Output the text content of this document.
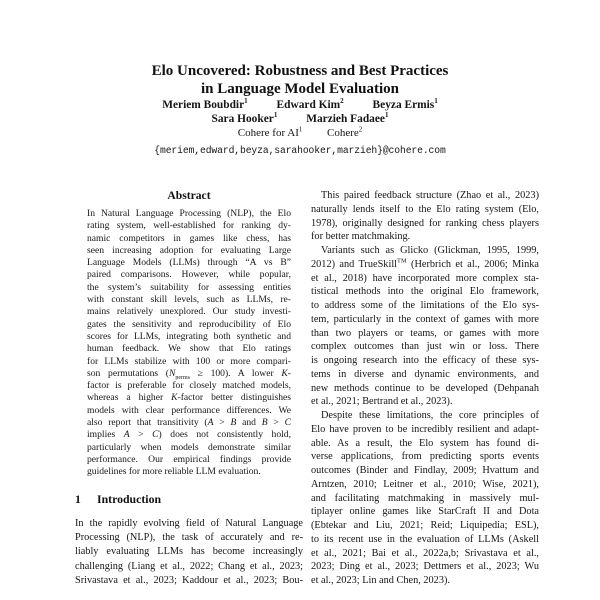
Elo Uncovered: Robustness and Best Practices
in Language Model Evaluation
Meriem Boubdir$^1$	Edward Kim$^2$	Beyza Ermis$^1$
Sara Hooker$^1$	Marzieh Fadaee$^1$
Cohere for $AI^1$ Cohere$^2$
{meriem,edward,beyza,sarahooker,marzieh}@cohere.com
Abstract
In Natural Language Processing (NLP), the Elo
rating system, well-established for ranking dy-
namic competitors in games like chess, has
seen increasing adoption for evaluating Large
Language Models (LLMs) through “A vs B”
paired comparisons. However, while popular,
the system’s suitability for assessing entities
with constant skill levels, such as LLMs, re-
mains relatively unexplored. Our study investi-
gates the sensitivity and reproducibility of Elo
scores for LLMs, integrating both synthetic and
human feedback. We show that Elo ratings
for LLMs stabilize with 100 or more compari-
son permutations $(N_{perms} \ge 100)$. A lower K-
factor is preferable for closely matched models,
whereas a higher K-factor better distinguishes
models with clear performance differences. We
also report that transitivity (A > B and B > C
implies A > C) does not consistently hold,
particularly when models demonstrate similar
performance. Our empirical findings provide
guidelines for more reliable LLM evaluation.
1 Introduction
In the rapidly evolving field of Natural Language
Processing (NLP), the task of accurately and re-
liably evaluating LLMs has become increasingly
challenging (Liang et al., 2022; Chang et al., 2023;
Srivastava et al., 2023; Kaddour et al., 2023; Bou-
This paired feedback structure (Zhao et al., 2023)
naturally lends itself to the Elo rating system (Elo,
1978), originally designed for ranking chess players
for better matchmaking.
Variants such as Glicko (Glickman, 1995, 1999,
2012) and TrueSkill™ (Herbrich et al., 2006; Minka
et al., 2018) have incorporated more complex sta-
tistical methods into the original Elo framework,
to address some of the limitations of the Elo sys-
tem, particularly in the context of games with more
than two players or teams, or games with more
complex outcomes than just win or loss. There
is ongoing research into the efficacy of these sys-
tems in diverse and dynamic environments, and
new methods continue to be developed (Dehpanah
et al., 2021; Bertrand et al., 2023).
Despite these limitations, the core principles of
Elo have proven to be incredibly resilient and adapt-
able. As a result, the Elo system has found di-
verse applications, from predicting sports events
outcomes (Binder and Findlay, 2009; Hvattum and
Arntzen, 2010; Leitner et al., 2010; Wise, 2021),
and facilitating matchmaking in massively mul-
tiplayer online games like StarCraft II and Dota
(Ebtekar and Liu, 2021; Reid; Liquipedia; ESL),
to its recent use in the evaluation of LLMs (Askell
et al., 2021; Bai et al., 2022a,b; Srivastava et al.,
2023; Ding et al., 2023; Dettmers et al., 2023; Wu
et al., 2023; Lin and Chen, 2023).
